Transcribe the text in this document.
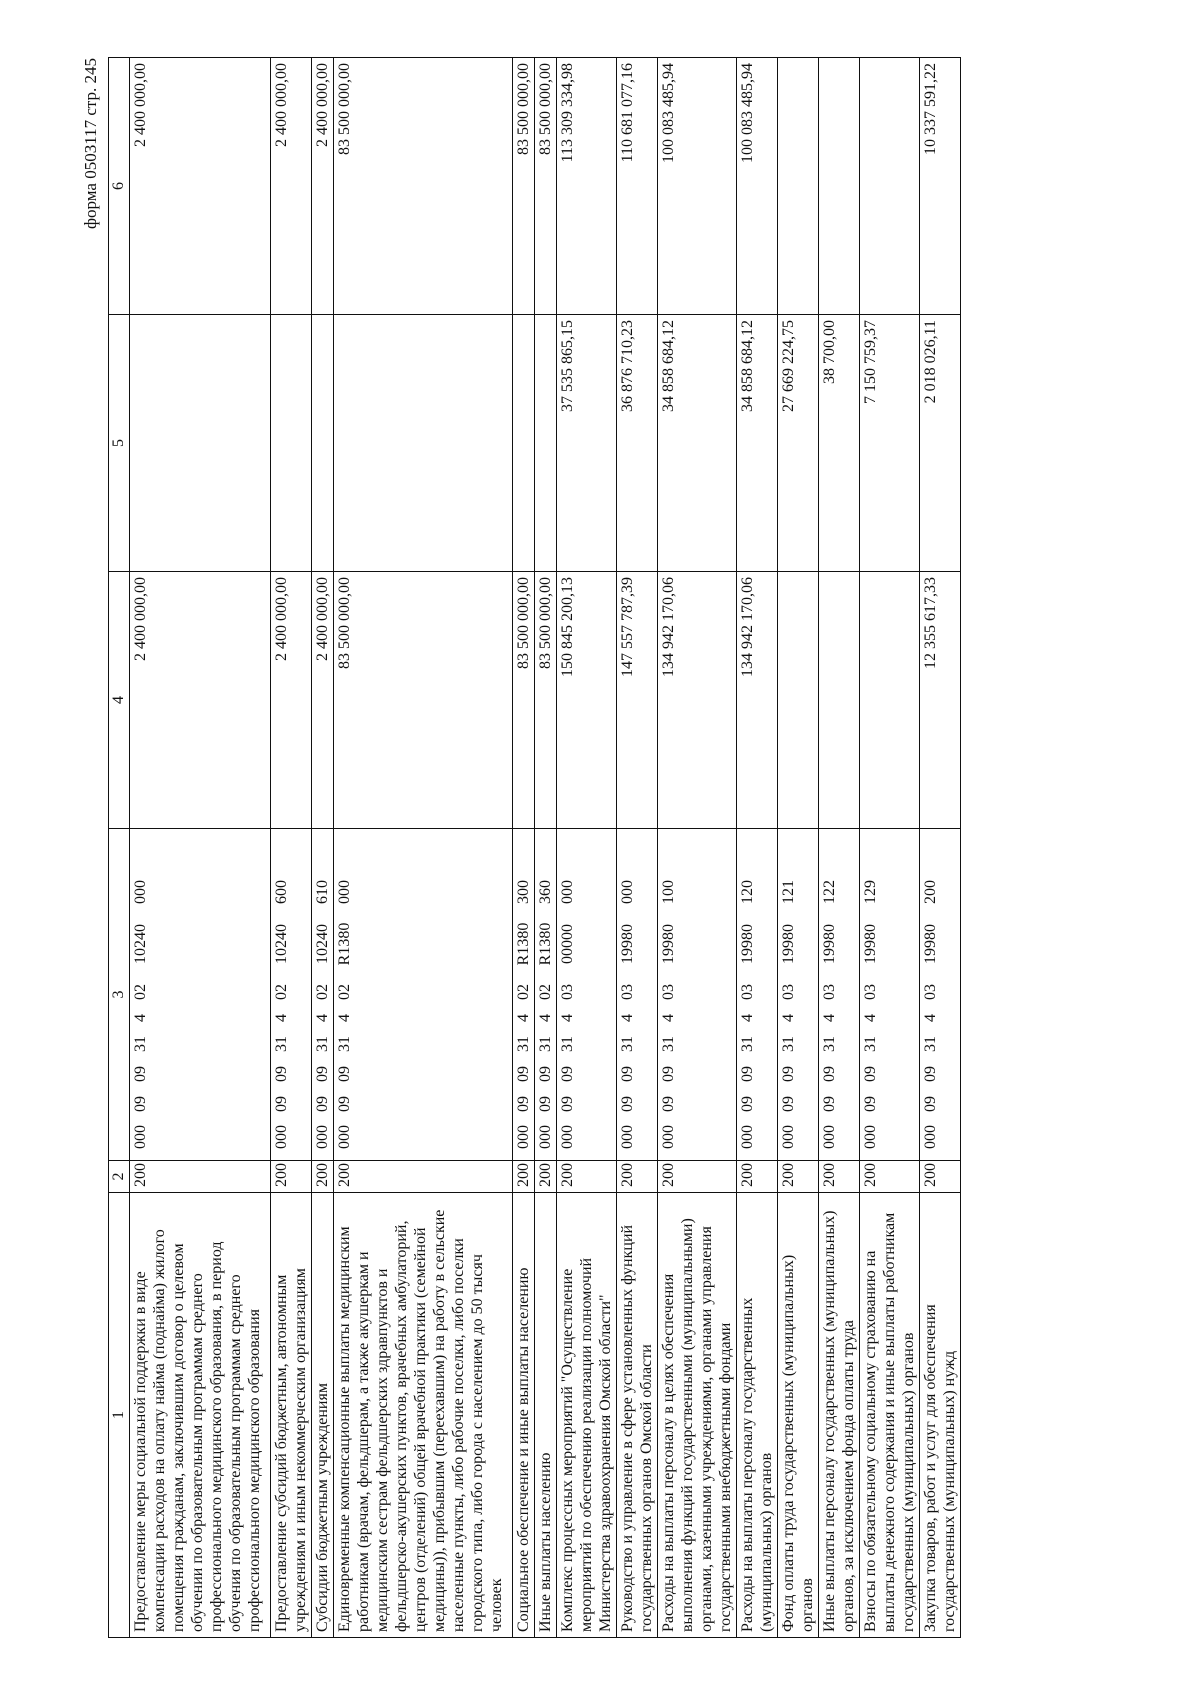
форма 0503117 стр. 245
1	2	3	4	5	6
Предоставление меры социальной поддержки в виде компенсации расходов на оплату найма (поднайма) жилого помещения гражданам, заключившим договор о целевом обучении по образовательным программам среднего профессионального медицинского образования, в период обучения по образовательным программам среднего профессионального медицинского образования	200	00009093140210240000	2 400 000,00		2 400 000,00
Предоставление субсидий бюджетным, автономным учреждениям и иным некоммерческим организациям	200	00009093140210240600	2 400 000,00		2 400 000,00
Субсидии бюджетным учреждениям	200	00009093140210240610	2 400 000,00		2 400 000,00
Единовременные компенсационные выплаты медицинским работникам (врачам, фельдшерам, а также акушеркам и медицинским сестрам фельдшерских здравпунктов и фельдшерско-акушерских пунктов, врачебных амбулаторий, центров (отделений) общей врачебной практики (семейной медицины)), прибывшим (переехавшим) на работу в сельские населенные пункты, либо рабочие поселки, либо поселки городского типа, либо города с населением до 50 тысяч человек	200	000090931402R1380000	83 500 000,00		83 500 000,00
Социальное обеспечение и иные выплаты населению	200	000090931402R1380300	83 500 000,00		83 500 000,00
Иные выплаты населению	200	000090931402R1380360	83 500 000,00		83 500 000,00
Комплекс процессных мероприятий "Осуществление мероприятий по обеспечению реализации полномочий Министерства здравоохранения Омской области"	200	00009093140300000000	150 845 200,13	37 535 865,15	113 309 334,98
Руководство и управление в сфере установленных функций государственных органов Омской области	200	00009093140319980000	147 557 787,39	36 876 710,23	110 681 077,16
Расходы на выплаты персоналу в целях обеспечения выполнения функций государственными (муниципальными) органами, казенными учреждениями, органами управления государственными внебюджетными фондами	200	00009093140319980100	134 942 170,06	34 858 684,12	100 083 485,94
Расходы на выплаты персоналу государственных (муниципальных) органов	200	00009093140319980120	134 942 170,06	34 858 684,12	100 083 485,94
Фонд оплаты труда государственных (муниципальных) органов	200	00009093140319980121		27 669 224,75	
Иные выплаты персоналу государственных (муниципальных) органов, за исключением фонда оплаты труда	200	00009093140319980122		38 700,00	
Взносы по обязательному социальному страхованию на выплаты денежного содержания и иные выплаты работникам государственных (муниципальных) органов	200	00009093140319980129		7 150 759,37	
Закупка товаров, работ и услуг для обеспечения государственных (муниципальных) нужд	200	00009093140319980200	12 355 617,33	2 018 026,11	10 337 591,22
